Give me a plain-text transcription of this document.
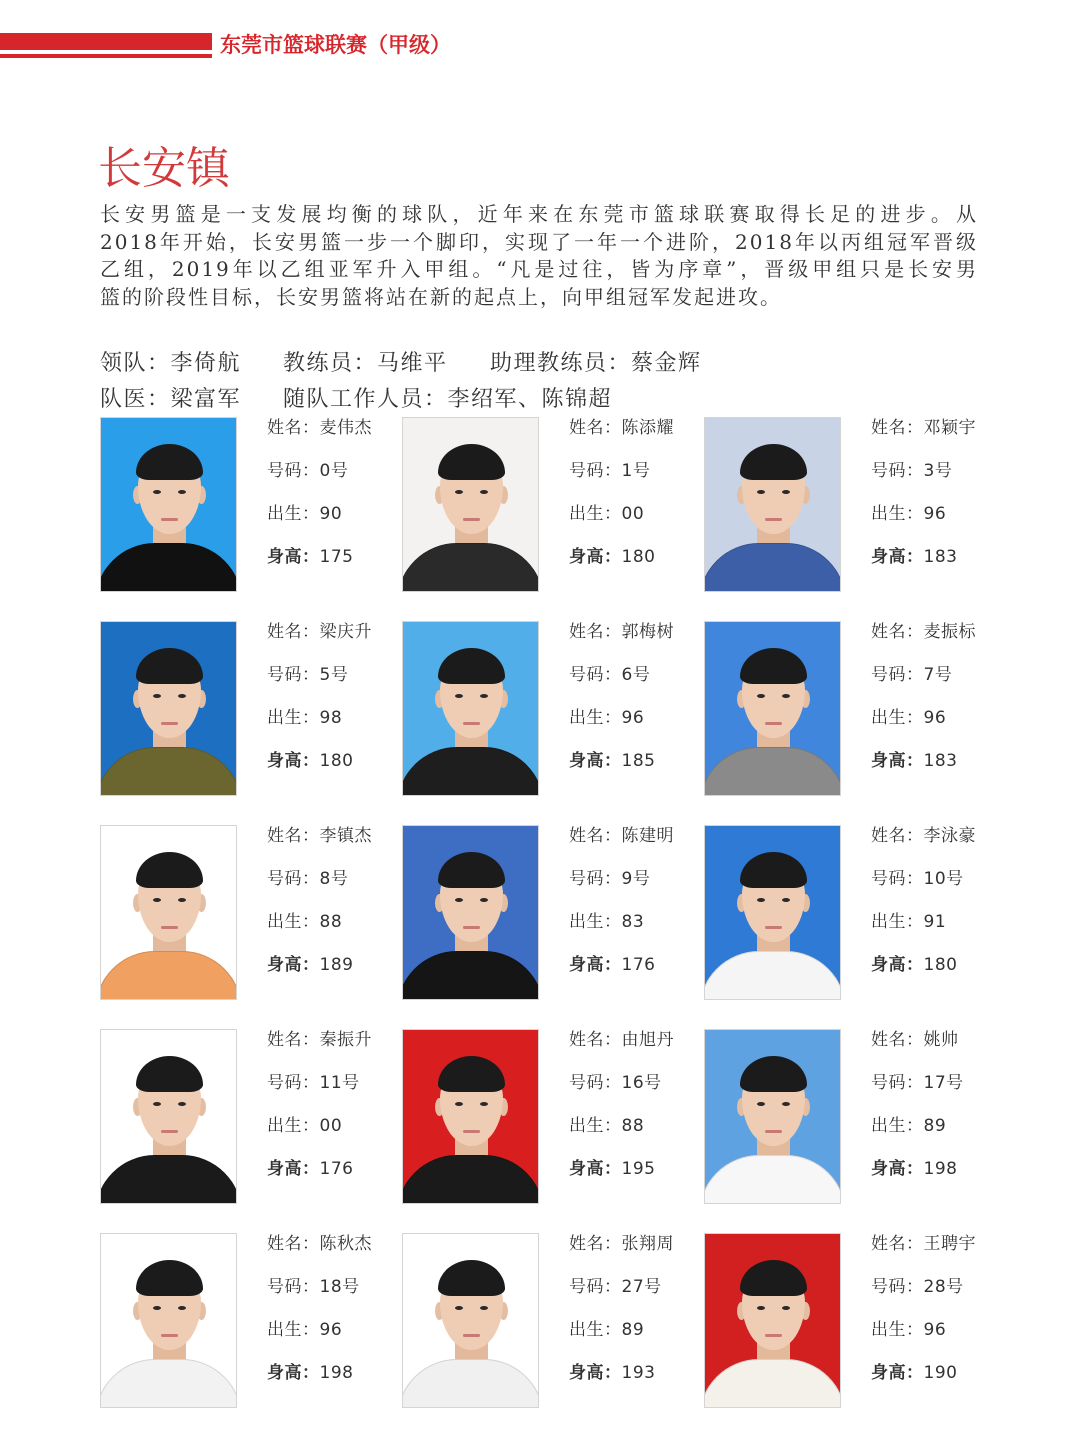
东莞市篮球联赛（甲级）
长安镇
长安男篮是一支发展均衡的球队，近年来在东莞市篮球联赛取得长足的进步。从
2018年开始，长安男篮一步一个脚印，实现了一年一个进阶，2018年以丙组冠军晋级
乙组，2019年以乙组亚军升入甲组。“凡是过往，皆为序章”，晋级甲组只是长安男
篮的阶段性目标，长安男篮将站在新的起点上，向甲组冠军发起进攻。
领队：李倚航	教练员：马维平	助理教练员：蔡金辉
队医：梁富军	随队工作人员：李绍军、陈锦超
姓名：麦伟杰
号码：0号
出生：90
身高：175
姓名：陈添耀
号码：1号
出生：00
身高：180
姓名：邓颖宇
号码：3号
出生：96
身高：183
姓名：梁庆升
号码：5号
出生：98
身高：180
姓名：郭梅树
号码：6号
出生：96
身高：185
姓名：麦振标
号码：7号
出生：96
身高：183
姓名：李镇杰
号码：8号
出生：88
身高：189
姓名：陈建明
号码：9号
出生：83
身高：176
姓名：李泳豪
号码：10号
出生：91
身高：180
姓名：秦振升
号码：11号
出生：00
身高：176
姓名：由旭丹
号码：16号
出生：88
身高：195
姓名：姚帅
号码：17号
出生：89
身高：198
姓名：陈秋杰
号码：18号
出生：96
身高：198
姓名：张翔周
号码：27号
出生：89
身高：193
姓名：王聘宇
号码：28号
出生：96
身高：190
